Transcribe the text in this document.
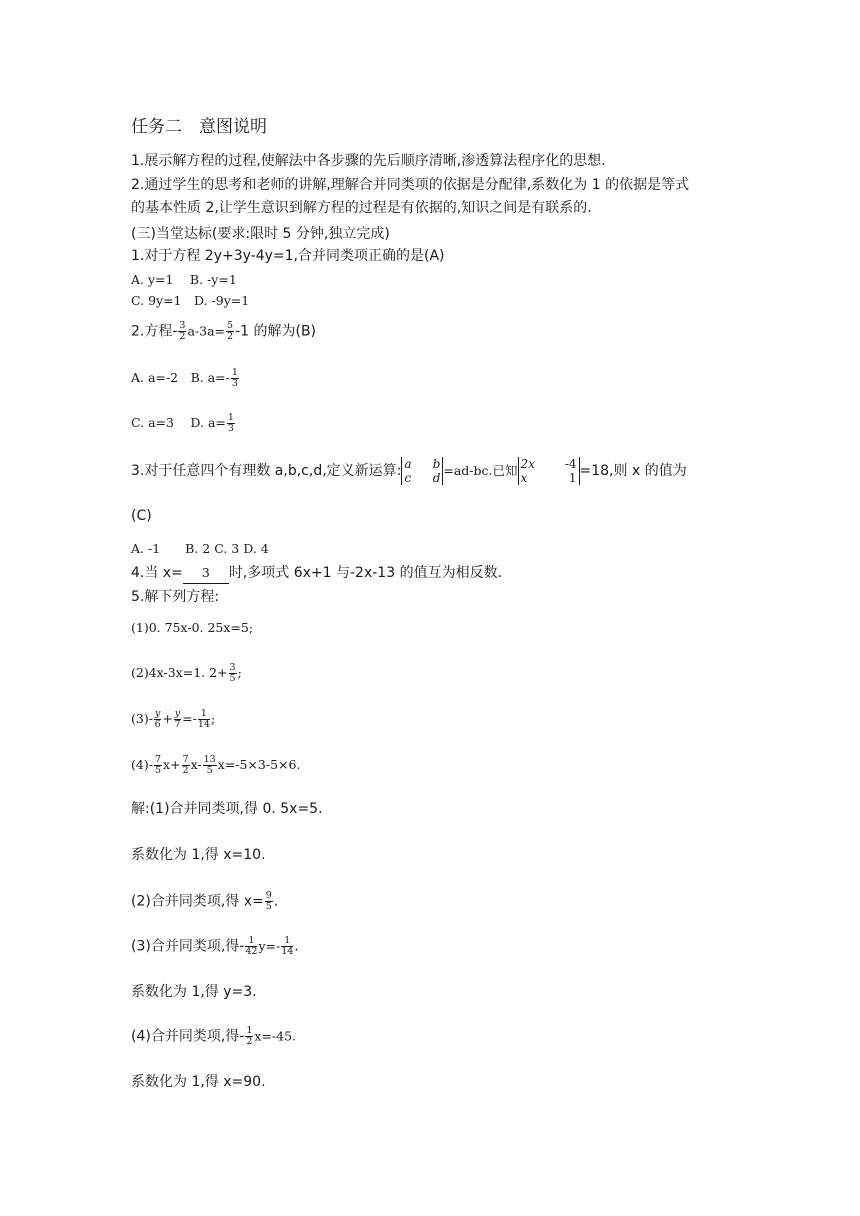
任务二　意图说明
1.展示解方程的过程,使解法中各步骤的先后顺序清晰,渗透算法程序化的思想.
2.通过学生的思考和老师的讲解,理解合并同类项的依据是分配律,系数化为 1 的依据是等式
的基本性质 2,让学生意识到解方程的过程是有依据的,知识之间是有联系的.
(三)当堂达标(要求:限时 5 分钟,独立完成)
1.对于方程 2y+3y-4y=1,合并同类项正确的是(A)
A. y=1　 B. -y=1
C. 9y=1　D. -9y=1
2.方程- $\frac{3}{2} a-3a= \frac{5}{2} -1$ 的解为(B)
A. a=-2　B. $a=- \frac{1}{3}$
C. a=3　 D. $a= \frac{1}{3}$
3.对于任意四个有理数 a,b,c,d,定义新运算: a b
c d =ad-bc.已知 2x -4
x	1 =18,则 x 的值为
(C)
A. -1　　B. 2 C. 3 D. 4
4.当 x= 3 时,多项式 6x+1 与-2x-13 的值互为相反数.
5.解下列方程:
(1)0. 75x-0. 25x=5;
(2)4x-3x=1. $2+ \frac{3}{5}$ ;
$(3)- \frac{y}{6} + \frac{y}{7} =- \frac{1}{14}$ ;
$(4)- \frac{7}{5} x+ \frac{7}{2} x- \frac{13}{5} x=-5\times 3-5\times 6$.
解:(1)合并同类项,得 0. 5x=5.
系数化为 1,得 x=10.
(2)合并同类项,得 $x= \frac{9}{5}$ .
(3)合并同类项,得- $\frac{1}{42} y=- \frac{1}{14}$ .
系数化为 1,得 y=3.
(4)合并同类项,得- $\frac{1}{2} x=-45$.
系数化为 1,得 x=90.
